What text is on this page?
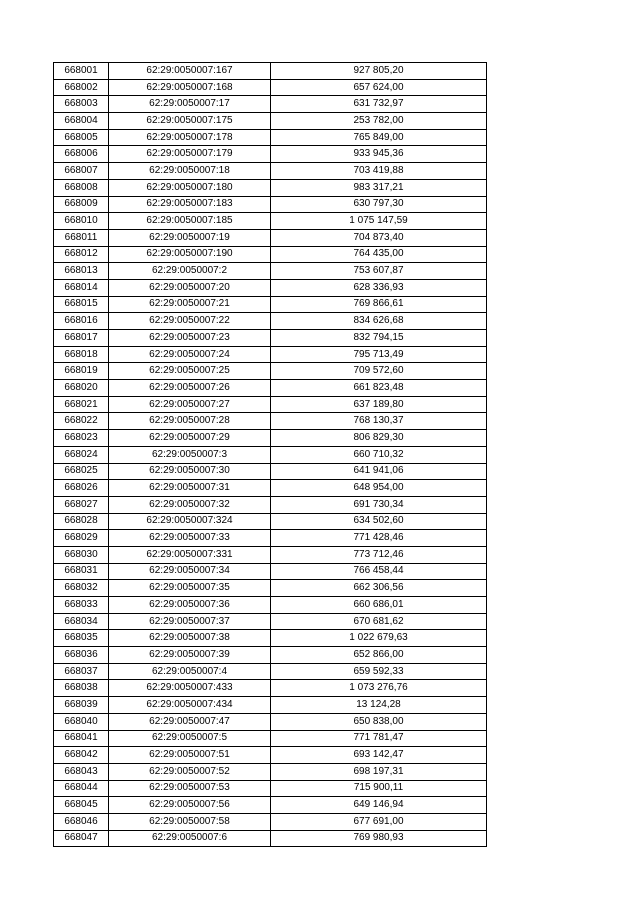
668001	62:29:0050007:167	927 805,20
668002	62:29:0050007:168	657 624,00
668003	62:29:0050007:17	631 732,97
668004	62:29:0050007:175	253 782,00
668005	62:29:0050007:178	765 849,00
668006	62:29:0050007:179	933 945,36
668007	62:29:0050007:18	703 419,88
668008	62:29:0050007:180	983 317,21
668009	62:29:0050007:183	630 797,30
668010	62:29:0050007:185	1 075 147,59
668011	62:29:0050007:19	704 873,40
668012	62:29:0050007:190	764 435,00
668013	62:29:0050007:2	753 607,87
668014	62:29:0050007:20	628 336,93
668015	62:29:0050007:21	769 866,61
668016	62:29:0050007:22	834 626,68
668017	62:29:0050007:23	832 794,15
668018	62:29:0050007:24	795 713,49
668019	62:29:0050007:25	709 572,60
668020	62:29:0050007:26	661 823,48
668021	62:29:0050007:27	637 189,80
668022	62:29:0050007:28	768 130,37
668023	62:29:0050007:29	806 829,30
668024	62:29:0050007:3	660 710,32
668025	62:29:0050007:30	641 941,06
668026	62:29:0050007:31	648 954,00
668027	62:29:0050007:32	691 730,34
668028	62:29:0050007:324	634 502,60
668029	62:29:0050007:33	771 428,46
668030	62:29:0050007:331	773 712,46
668031	62:29:0050007:34	766 458,44
668032	62:29:0050007:35	662 306,56
668033	62:29:0050007:36	660 686,01
668034	62:29:0050007:37	670 681,62
668035	62:29:0050007:38	1 022 679,63
668036	62:29:0050007:39	652 866,00
668037	62:29:0050007:4	659 592,33
668038	62:29:0050007:433	1 073 276,76
668039	62:29:0050007:434	13 124,28
668040	62:29:0050007:47	650 838,00
668041	62:29:0050007:5	771 781,47
668042	62:29:0050007:51	693 142,47
668043	62:29:0050007:52	698 197,31
668044	62:29:0050007:53	715 900,11
668045	62:29:0050007:56	649 146,94
668046	62:29:0050007:58	677 691,00
668047	62:29:0050007:6	769 980,93
